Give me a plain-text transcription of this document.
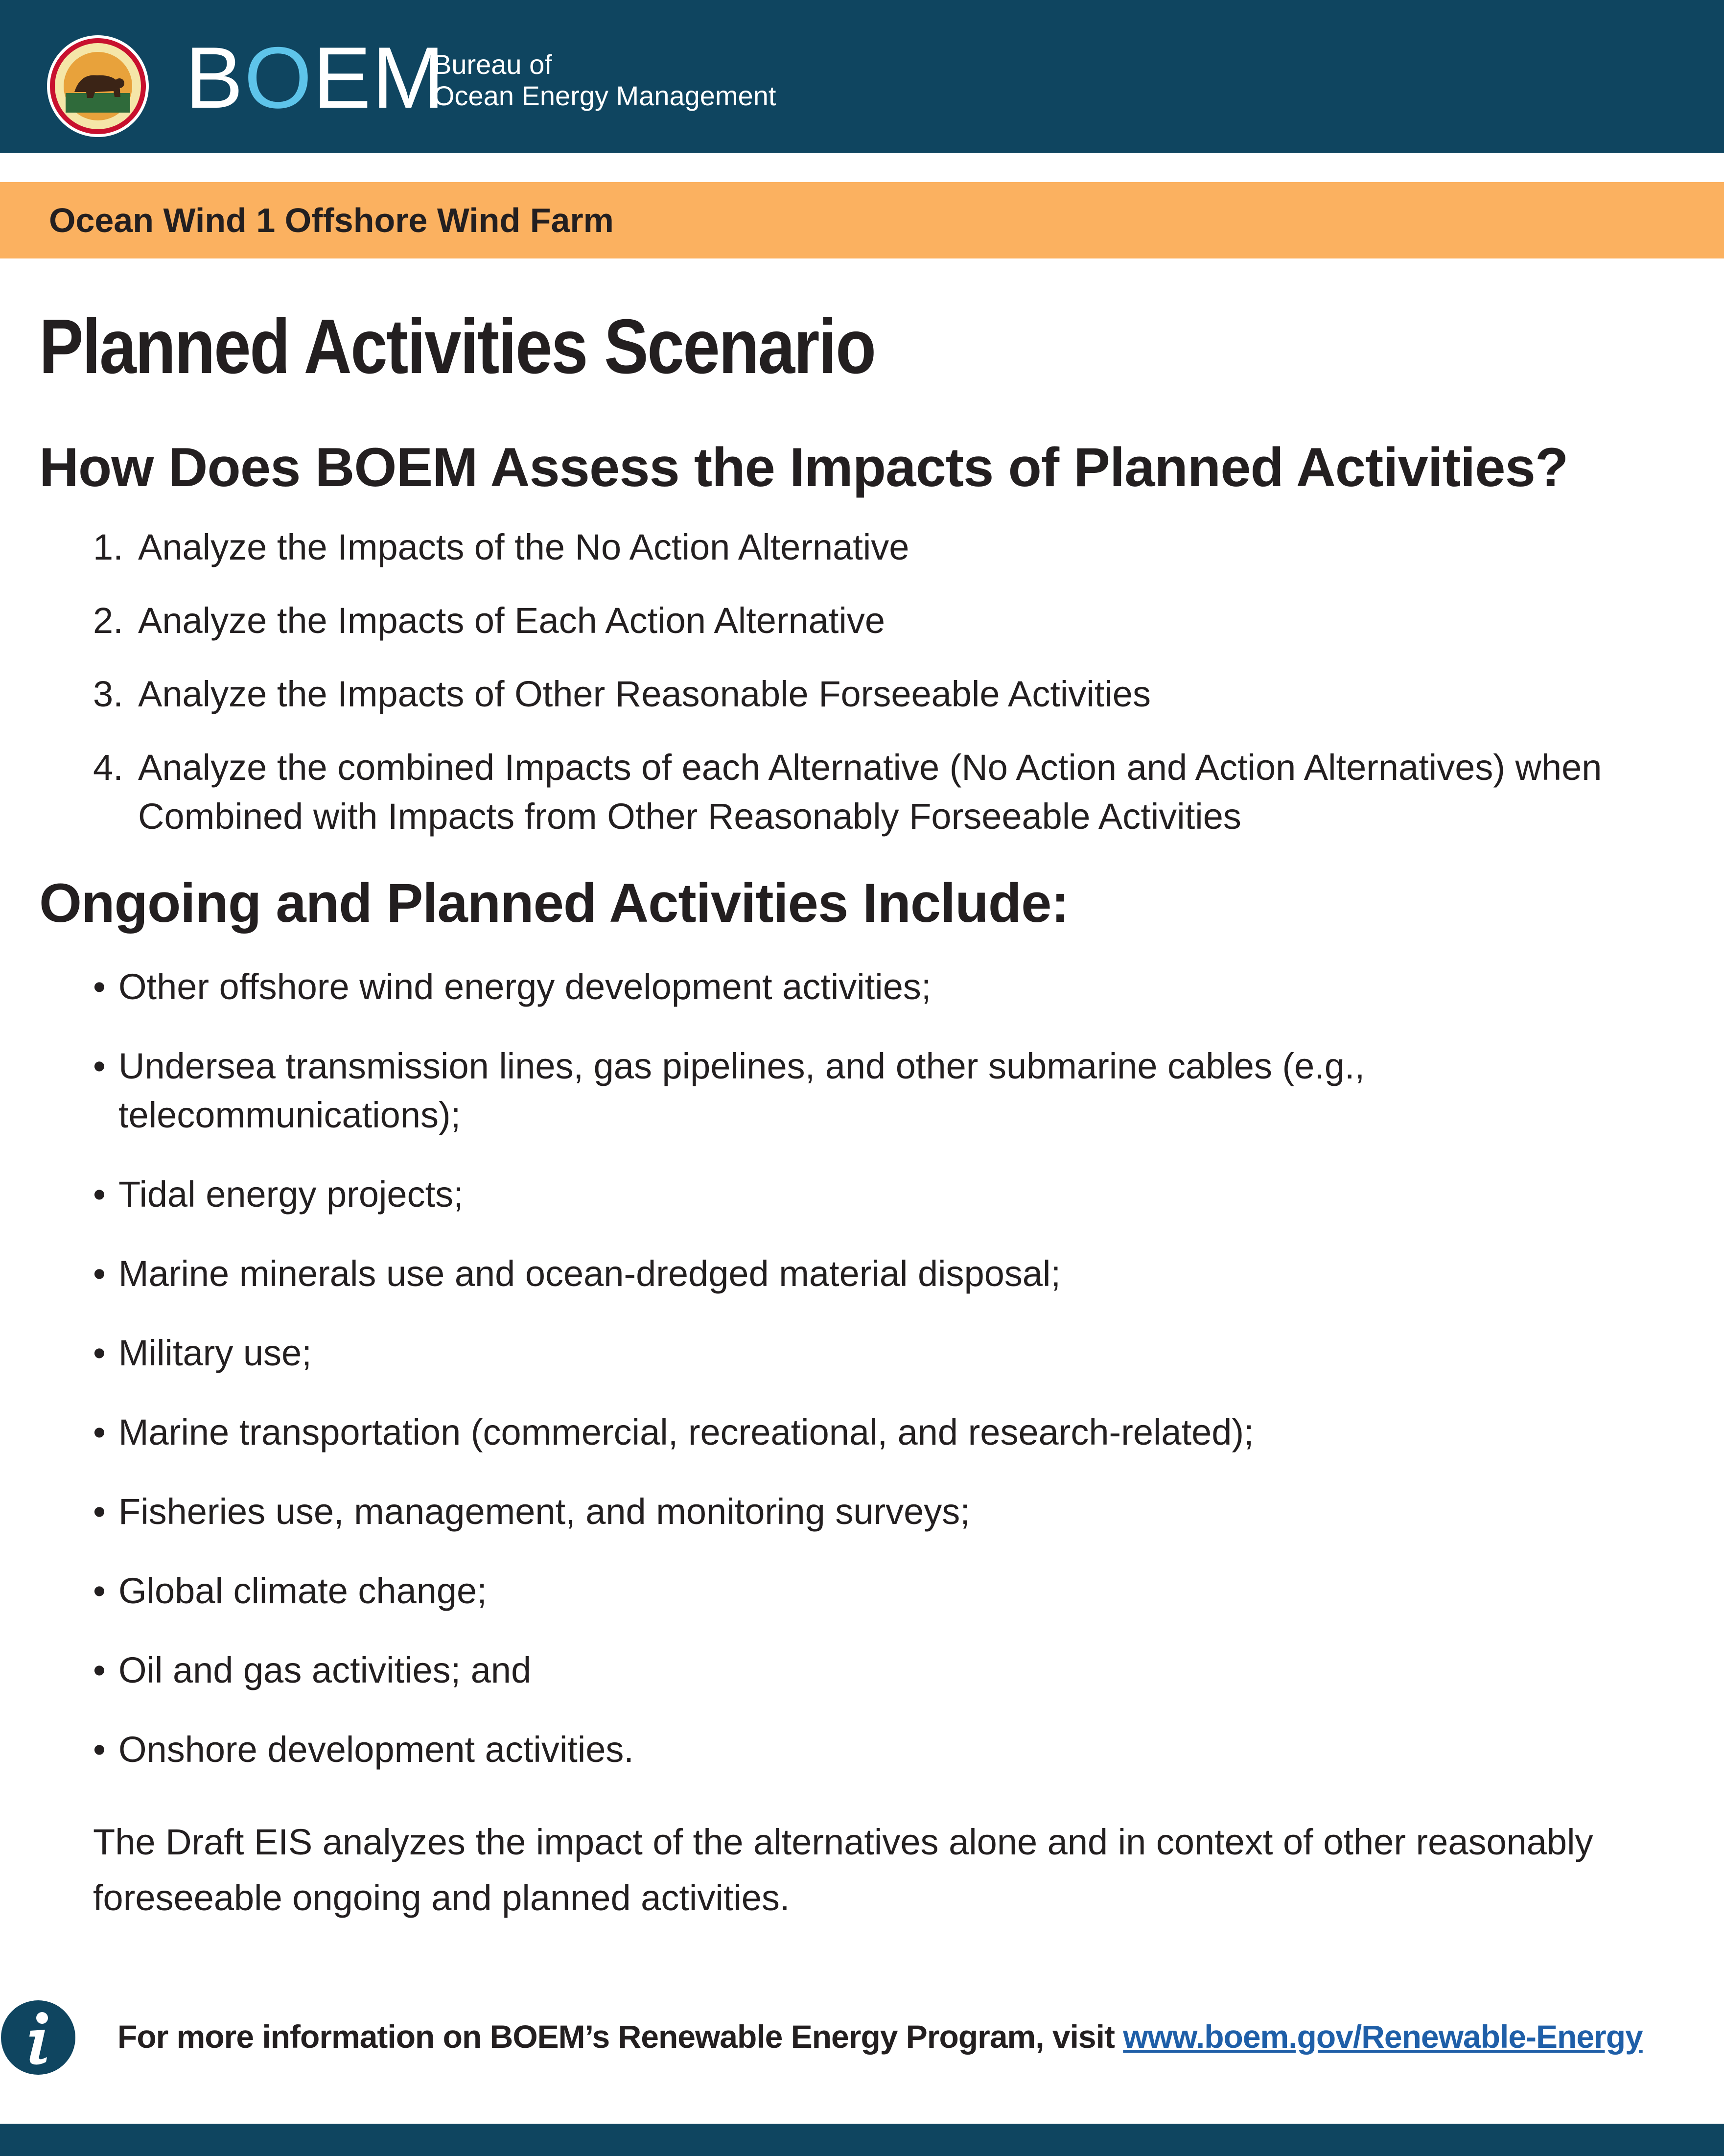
BOEM
Bureau of
Ocean Energy Management
Ocean Wind 1 Offshore Wind Farm
Planned Activities Scenario
How Does BOEM Assess the Impacts of Planned Activities?
1. Analyze the Impacts of the No Action Alternative
2. Analyze the Impacts of Each Action Alternative
3. Analyze the Impacts of Other Reasonable Forseeable Activities
4. Analyze the combined Impacts of each Alternative (No Action and Action Alternatives) when Combined with Impacts from Other Reasonably Forseeable Activities
Ongoing and Planned Activities Include:
• Other offshore wind energy development activities;
• Undersea transmission lines, gas pipelines, and other submarine cables (e.g., telecommunications);
• Tidal energy projects;
• Marine minerals use and ocean-dredged material disposal;
• Military use;
• Marine transportation (commercial, recreational, and research-related);
• Fisheries use, management, and monitoring surveys;
• Global climate change;
• Oil and gas activities; and
• Onshore development activities.
The Draft EIS analyzes the impact of the alternatives alone and in context of other reasonably foreseeable ongoing and planned activities.
For more information on BOEM’s Renewable Energy Program, visit www.boem.gov/Renewable-Energy
